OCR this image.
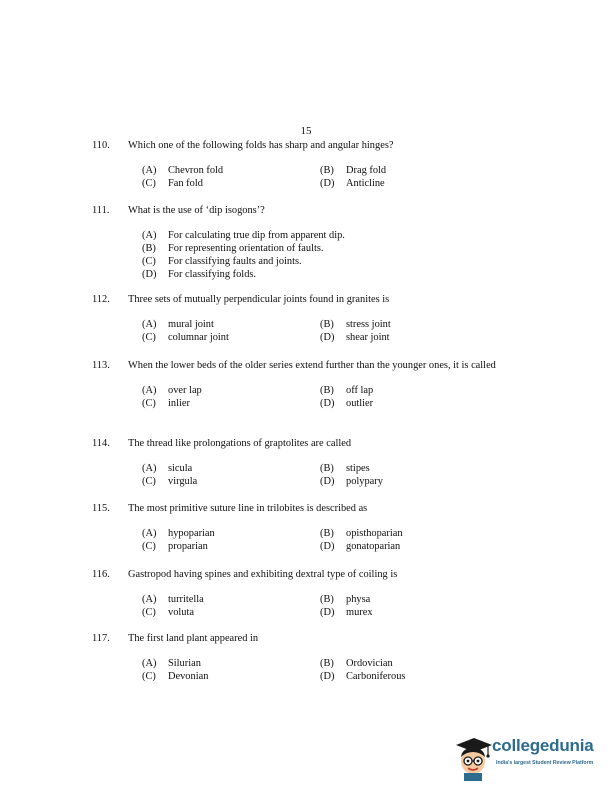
15
110.	Which one of the following folds has sharp and angular hinges?
(A)	Chevron fold	(B)	Drag fold
(C)	Fan fold	(D)	Anticline
111.	What is the use of ‘dip isogons’?
(A)	For calculating true dip from apparent dip.
(B)	For representing orientation of faults.
(C)	For classifying faults and joints.
(D)	For classifying folds.
112.	Three sets of mutually perpendicular joints found in granites is
(A)	mural joint	(B)	stress joint
(C)	columnar joint	(D)	shear joint
113.	When the lower beds of the older series extend further than the younger ones, it is called
(A)	over lap	(B)	off lap
(C)	inlier	(D)	outlier
114.	The thread like prolongations of graptolites are called
(A)	sicula	(B)	stipes
(C)	virgula	(D)	polypary
115.	The most primitive suture line in trilobites is described as
(A)	hypoparian	(B)	opisthoparian
(C)	proparian	(D)	gonatoparian
116.	Gastropod having spines and exhibiting dextral type of coiling is
(A)	turritella	(B)	physa
(C)	voluta	(D)	murex
117.	The first land plant appeared in
(A)	Silurian	(B)	Ordovician
(C)	Devonian	(D)	Carboniferous
collegedunia
India's largest Student Review Platform
